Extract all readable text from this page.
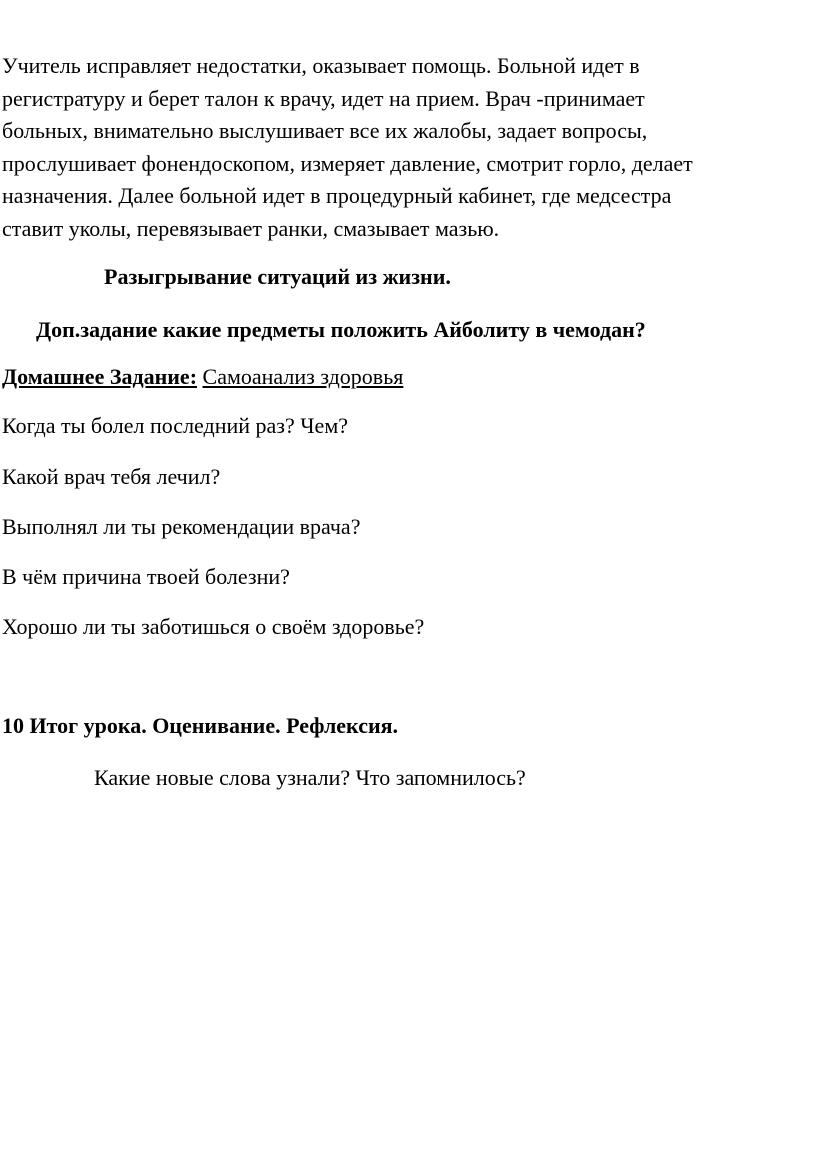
Учитель исправляет недостатки, оказывает помощь. Больной идет в
регистратуру и берет талон к врачу, идет на прием. Врач -принимает
больных, внимательно выслушивает все их жалобы, задает вопросы,
прослушивает фонендоскопом, измеряет давление, смотрит горло, делает
назначения. Далее больной идет в процедурный кабинет, где медсестра
ставит уколы, перевязывает ранки, смазывает мазью.
Разыгрывание ситуаций из жизни.
Доп.задание какие предметы положить Айболиту в чемодан?
Домашнее Задание: Самоанализ здоровья
Когда ты болел последний раз? Чем?
Какой врач тебя лечил?
Выполнял ли ты рекомендации врача?
В чём причина твоей болезни?
Хорошо ли ты заботишься о своём здоровье?
10 Итог урока. Оценивание. Рефлексия.
Какие новые слова узнали? Что запомнилось?
